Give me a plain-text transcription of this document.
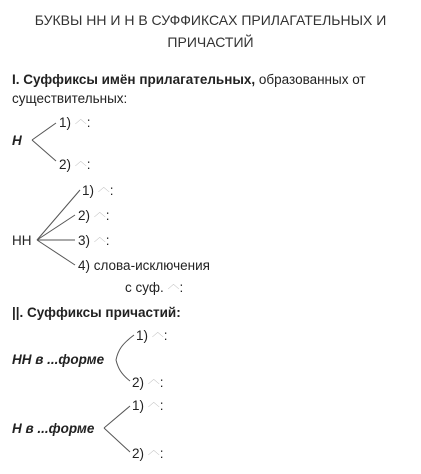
БУКВЫ НН И Н В СУФФИКСАХ ПРИЛАГАТЕЛЬНЫХ И
ПРИЧАСТИЙ
I. Суффиксы имён прилагательных, образованных от
существительных:
Н
1) ︿:
2) ︿:
НН
1) ︿:
2) ︿:
3) ︿:
4) слова-исключения
с суф. ︿:
||. Суффиксы причастий:
НН в ...форме
1) ︿:
2) ︿:
Н в ...форме
1) ︿:
2) ︿:
